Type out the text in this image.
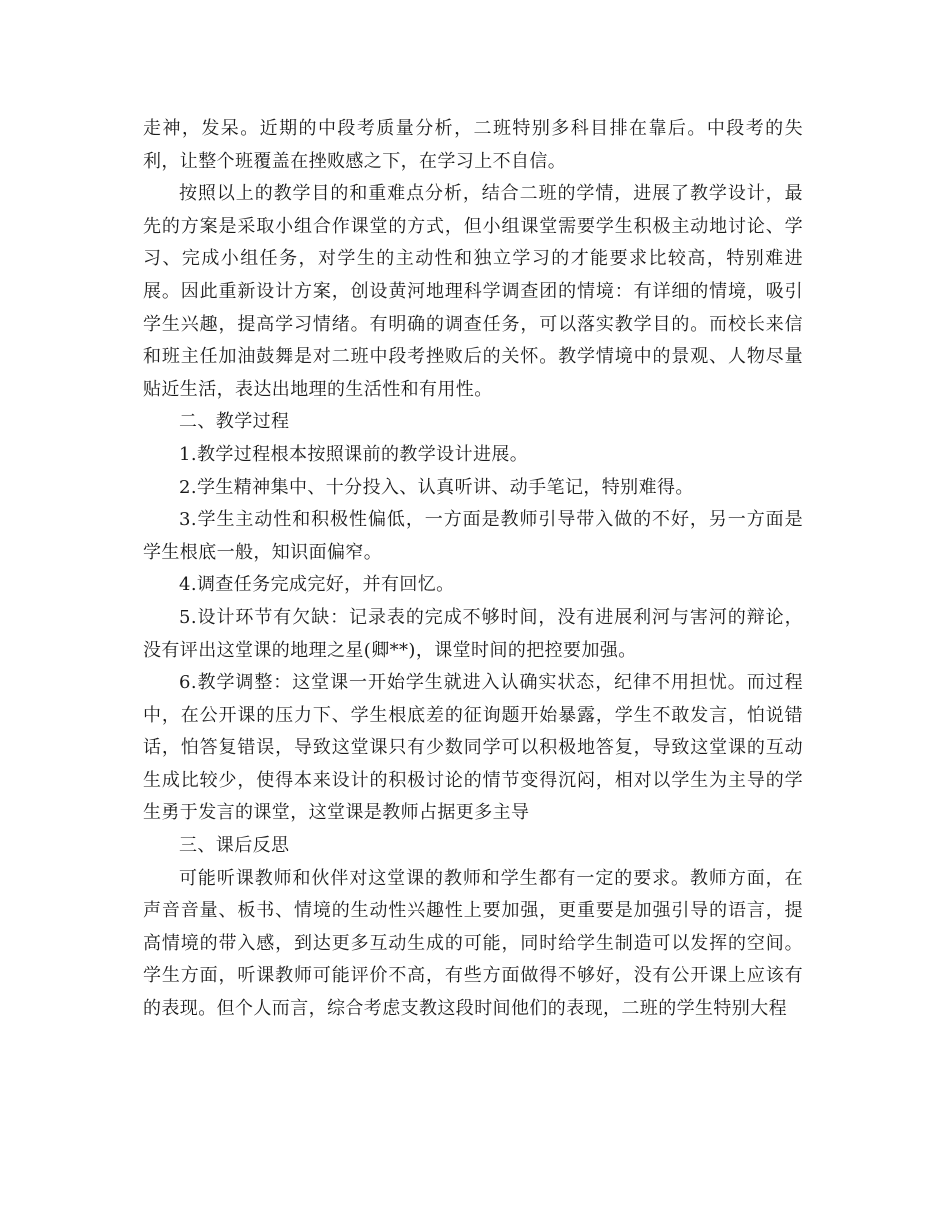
走神，发呆。近期的中段考质量分析，二班特别多科目排在靠后。中段考的失利，让整个班覆盖在挫败感之下，在学习上不自信。

按照以上的教学目的和重难点分析，结合二班的学情，进展了教学设计，最先的方案是采取小组合作课堂的方式，但小组课堂需要学生积极主动地讨论、学习、完成小组任务，对学生的主动性和独立学习的才能要求比较高，特别难进展。因此重新设计方案，创设黄河地理科学调查团的情境：有详细的情境，吸引学生兴趣，提高学习情绪。有明确的调查任务，可以落实教学目的。而校长来信和班主任加油鼓舞是对二班中段考挫败后的关怀。教学情境中的景观、人物尽量贴近生活，表达出地理的生活性和有用性。

二、教学过程

1.教学过程根本按照课前的教学设计进展。

2.学生精神集中、十分投入、认真听讲、动手笔记，特别难得。

3.学生主动性和积极性偏低，一方面是教师引导带入做的不好，另一方面是学生根底一般，知识面偏窄。

4.调查任务完成完好，并有回忆。

5.设计环节有欠缺：记录表的完成不够时间，没有进展利河与害河的辩论，没有评出这堂课的地理之星(卿**)，课堂时间的把控要加强。

6.教学调整：这堂课一开始学生就进入认确实状态，纪律不用担忧。而过程中，在公开课的压力下、学生根底差的征询题开始暴露，学生不敢发言，怕说错话，怕答复错误，导致这堂课只有少数同学可以积极地答复，导致这堂课的互动生成比较少，使得本来设计的积极讨论的情节变得沉闷，相对以学生为主导的学生勇于发言的课堂，这堂课是教师占据更多主导

三、课后反思

可能听课教师和伙伴对这堂课的教师和学生都有一定的要求。教师方面，在声音音量、板书、情境的生动性兴趣性上要加强，更重要是加强引导的语言，提高情境的带入感，到达更多互动生成的可能，同时给学生制造可以发挥的空间。学生方面，听课教师可能评价不高，有些方面做得不够好，没有公开课上应该有的表现。但个人而言，综合考虑支教这段时间他们的表现，二班的学生特别大程
